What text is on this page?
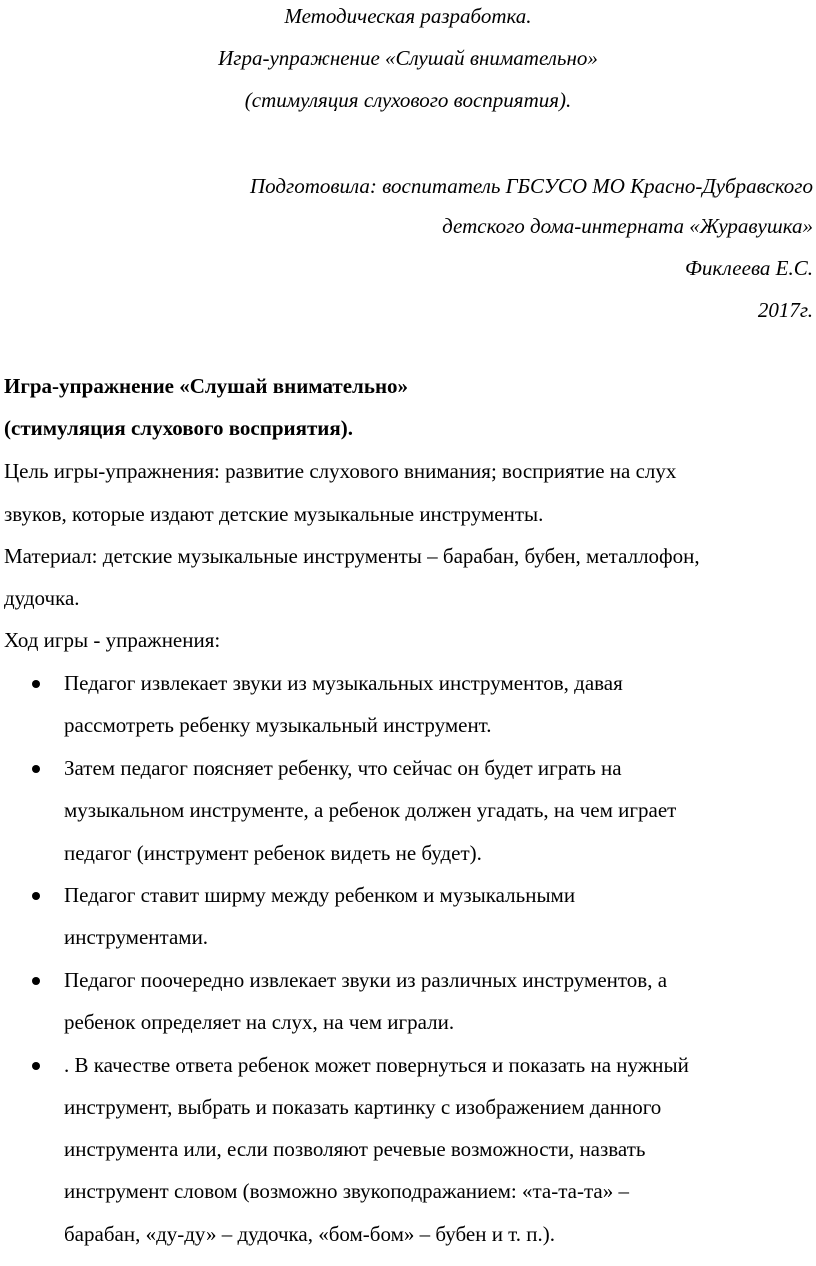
Методическая разработка.
Игра-упражнение «Слушай внимательно»
(стимуляция слухового восприятия).
Подготовила: воспитатель ГБСУСО МО Красно-Дубравского
детского дома-интерната «Журавушка»
Фиклеева Е.С.
2017г.
Игра-упражнение «Слушай внимательно»
(стимуляция слухового восприятия).
Цель игры-упражнения: развитие слухового внимания; восприятие на слух
звуков, которые издают детские музыкальные инструменты.
Материал: детские музыкальные инструменты – барабан, бубен, металлофон,
дудочка.
Ход игры - упражнения:
Педагог извлекает звуки из музыкальных инструментов, давая
рассмотреть ребенку музыкальный инструмент.
Затем педагог поясняет ребенку, что сейчас он будет играть на
музыкальном инструменте, а ребенок должен угадать, на чем играет
педагог (инструмент ребенок видеть не будет).
Педагог ставит ширму между ребенком и музыкальными
инструментами.
Педагог поочередно извлекает звуки из различных инструментов, а
ребенок определяет на слух, на чем играли.
. В качестве ответа ребенок может повернуться и показать на нужный
инструмент, выбрать и показать картинку с изображением данного
инструмента или, если позволяют речевые возможности, назвать
инструмент словом (возможно звукоподражанием: «та-та-та» –
барабан, «ду-ду» – дудочка, «бом-бом» – бубен и т. п.).
